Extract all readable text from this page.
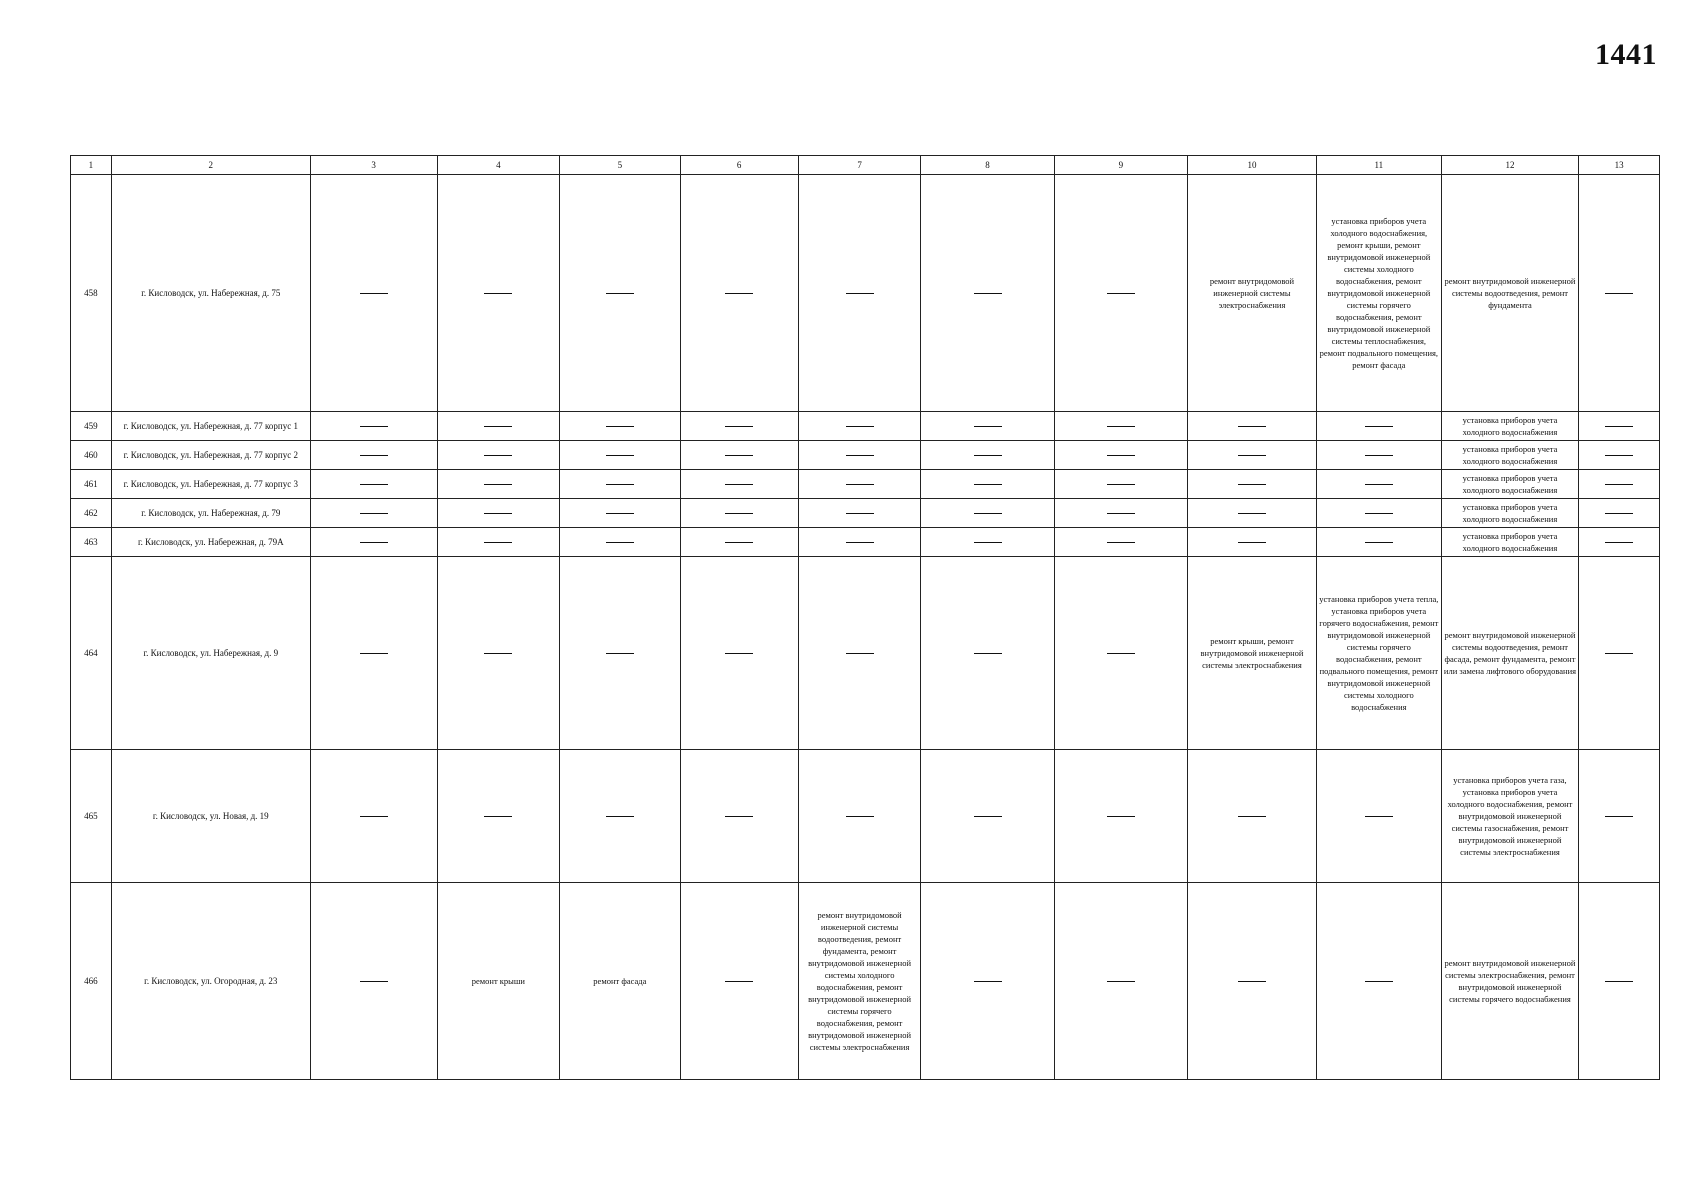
1441
1	2	3	4	5	6	7	8	9	10	11	12	13
458	г. Кисловодск, ул. Набережная, д. 75								ремонт внутридомовой инженерной системы электроснабжения	установка приборов учета холодного водоснабжения, ремонт крыши, ремонт внутридомовой инженерной системы холодного водоснабжения, ремонт внутридомовой инженерной системы горячего водоснабжения, ремонт внутридомовой инженерной системы теплоснабжения, ремонт подвального помещения, ремонт фасада	ремонт внутридомовой инженерной системы водоотведения, ремонт фундамента	
459	г. Кисловодск, ул. Набережная, д. 77 корпус 1										установка приборов учета холодного водоснабжения	
460	г. Кисловодск, ул. Набережная, д. 77 корпус 2										установка приборов учета холодного водоснабжения	
461	г. Кисловодск, ул. Набережная, д. 77 корпус 3										установка приборов учета холодного водоснабжения	
462	г. Кисловодск, ул. Набережная, д. 79										установка приборов учета холодного водоснабжения	
463	г. Кисловодск, ул. Набережная, д. 79А										установка приборов учета холодного водоснабжения	
464	г. Кисловодск, ул. Набережная, д. 9								ремонт крыши, ремонт внутридомовой инженерной системы электроснабжения	установка приборов учета тепла, установка приборов учета горячего водоснабжения, ремонт внутридомовой инженерной системы горячего водоснабжения, ремонт подвального помещения, ремонт внутридомовой инженерной системы холодного водоснабжения	ремонт внутридомовой инженерной системы водоотведения, ремонт фасада, ремонт фундамента, ремонт или замена лифтового оборудования	
465	г. Кисловодск, ул. Новая, д. 19										установка приборов учета газа, установка приборов учета холодного водоснабжения, ремонт внутридомовой инженерной системы газоснабжения, ремонт внутридомовой инженерной системы электроснабжения	
466	г. Кисловодск, ул. Огородная, д. 23		ремонт крыши	ремонт фасада		ремонт внутридомовой инженерной системы водоотведения, ремонт фундамента, ремонт внутридомовой инженерной системы холодного водоснабжения, ремонт внутридомовой инженерной системы горячего водоснабжения, ремонт внутридомовой инженерной системы электроснабжения					ремонт внутридомовой инженерной системы электроснабжения, ремонт внутридомовой инженерной системы горячего водоснабжения	
